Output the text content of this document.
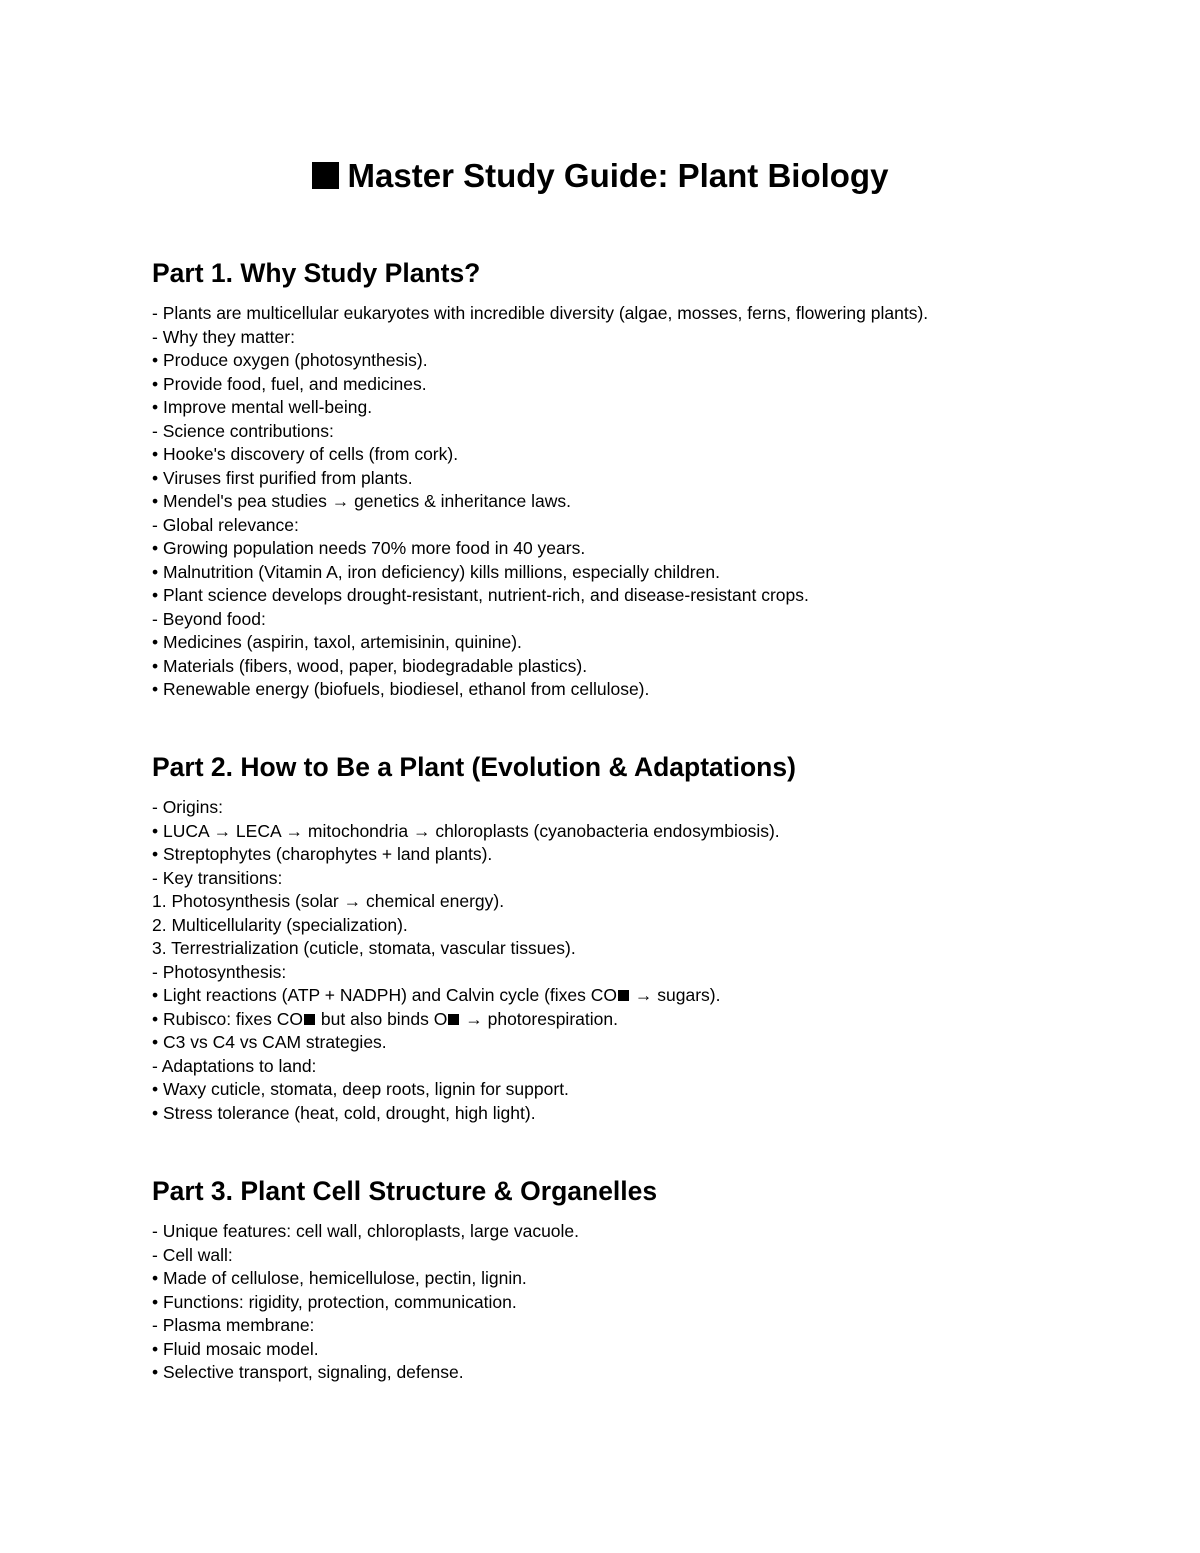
Master Study Guide: Plant Biology
Part 1. Why Study Plants?
- Plants are multicellular eukaryotes with incredible diversity (algae, mosses, ferns, flowering plants).
- Why they matter:
• Produce oxygen (photosynthesis).
• Provide food, fuel, and medicines.
• Improve mental well-being.
- Science contributions:
• Hooke's discovery of cells (from cork).
• Viruses first purified from plants.
• Mendel's pea studies → genetics & inheritance laws.
- Global relevance:
• Growing population needs 70% more food in 40 years.
• Malnutrition (Vitamin A, iron deficiency) kills millions, especially children.
• Plant science develops drought-resistant, nutrient-rich, and disease-resistant crops.
- Beyond food:
• Medicines (aspirin, taxol, artemisinin, quinine).
• Materials (fibers, wood, paper, biodegradable plastics).
• Renewable energy (biofuels, biodiesel, ethanol from cellulose).
Part 2. How to Be a Plant (Evolution & Adaptations)
- Origins:
• LUCA → LECA → mitochondria → chloroplasts (cyanobacteria endosymbiosis).
• Streptophytes (charophytes + land plants).
- Key transitions:
1. Photosynthesis (solar → chemical energy).
2. Multicellularity (specialization).
3. Terrestrialization (cuticle, stomata, vascular tissues).
- Photosynthesis:
• Light reactions (ATP + NADPH) and Calvin cycle (fixes CO → sugars).
• Rubisco: fixes CO but also binds O → photorespiration.
• C3 vs C4 vs CAM strategies.
- Adaptations to land:
• Waxy cuticle, stomata, deep roots, lignin for support.
• Stress tolerance (heat, cold, drought, high light).
Part 3. Plant Cell Structure & Organelles
- Unique features: cell wall, chloroplasts, large vacuole.
- Cell wall:
• Made of cellulose, hemicellulose, pectin, lignin.
• Functions: rigidity, protection, communication.
- Plasma membrane:
• Fluid mosaic model.
• Selective transport, signaling, defense.
